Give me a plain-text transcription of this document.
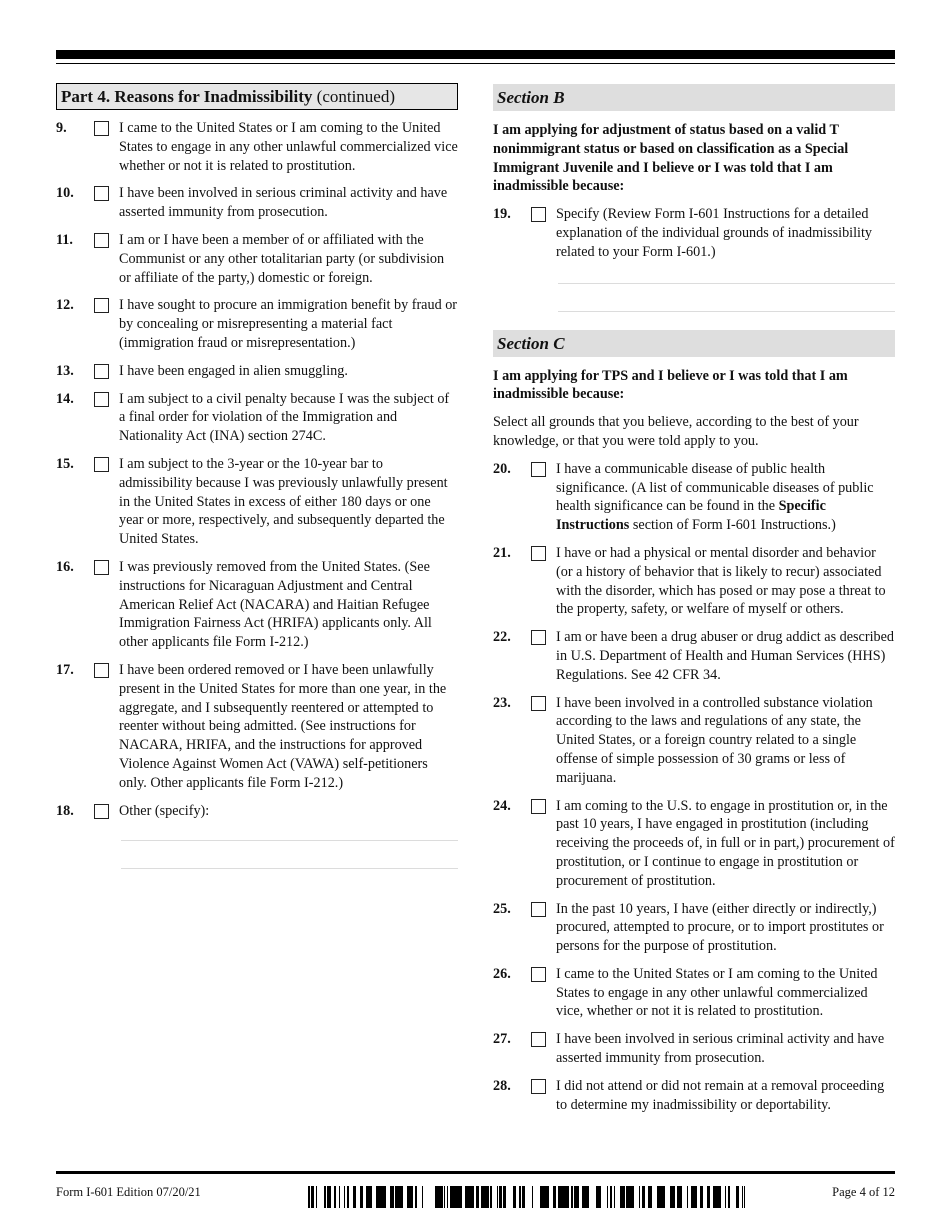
Part 4. Reasons for Inadmissibility (continued)
9.	I came to the United States or I am coming to the United States to engage in any other unlawful commercialized vice whether or not it is related to prostitution.
10.	I have been involved in serious criminal activity and have asserted immunity from prosecution.
11.	I am or I have been a member of or affiliated with the Communist or any other totalitarian party (or subdivision or affiliate of the party,) domestic or foreign.
12.	I have sought to procure an immigration benefit by fraud or by concealing or misrepresenting a material fact (immigration fraud or misrepresentation.)
13.	I have been engaged in alien smuggling.
14.	I am subject to a civil penalty because I was the subject of a final order for violation of the Immigration and Nationality Act (INA) section 274C.
15.	I am subject to the 3-year or the 10-year bar to admissibility because I was previously unlawfully present in the United States in excess of either 180 days or one year or more, respectively, and subsequently departed the United States.
16.	I was previously removed from the United States. (See instructions for Nicaraguan Adjustment and Central American Relief Act (NACARA) and Haitian Refugee Immigration Fairness Act (HRIFA) applicants only. All other applicants file Form I-212.)
17.	I have been ordered removed or I have been unlawfully present in the United States for more than one year, in the aggregate, and I subsequently reentered or attempted to reenter without being admitted. (See instructions for NACARA, HRIFA, and the instructions for approved Violence Against Women Act (VAWA) self-petitioners only. Other applicants file Form I-212.)
18.	Other (specify):
Section B
I am applying for adjustment of status based on a valid T nonimmigrant status or based on classification as a Special Immigrant Juvenile and I believe or I was told that I am inadmissible because:
19.	Specify (Review Form I-601 Instructions for a detailed explanation of the individual grounds of inadmissibility related to your Form I-601.)
Section C
I am applying for TPS and I believe or I was told that I am inadmissible because:
Select all grounds that you believe, according to the best of your knowledge, or that you were told apply to you.
20.	I have a communicable disease of public health significance. (A list of communicable diseases of public health significance can be found in the Specific Instructions section of Form I-601 Instructions.)
21.	I have or had a physical or mental disorder and behavior (or a history of behavior that is likely to recur) associated with the disorder, which has posed or may pose a threat to the property, safety, or welfare of myself or others.
22.	I am or have been a drug abuser or drug addict as described in U.S. Department of Health and Human Services (HHS) Regulations. See 42 CFR 34.
23.	I have been involved in a controlled substance violation according to the laws and regulations of any state, the United States, or a foreign country related to a single offense of simple possession of 30 grams or less of marijuana.
24.	I am coming to the U.S. to engage in prostitution or, in the past 10 years, I have engaged in prostitution (including receiving the proceeds of, in full or in part,) procurement of prostitution, or I continue to engage in prostitution or procurement of prostitution.
25.	In the past 10 years, I have (either directly or indirectly,) procured, attempted to procure, or to import prostitutes or persons for the purpose of prostitution.
26.	I came to the United States or I am coming to the United States to engage in any other unlawful commercialized vice, whether or not it is related to prostitution.
27.	I have been involved in serious criminal activity and have asserted immunity from prosecution.
28.	I did not attend or did not remain at a removal proceeding to determine my inadmissibility or deportability.
Form I-601 Edition 07/20/21	Page 4 of 12
